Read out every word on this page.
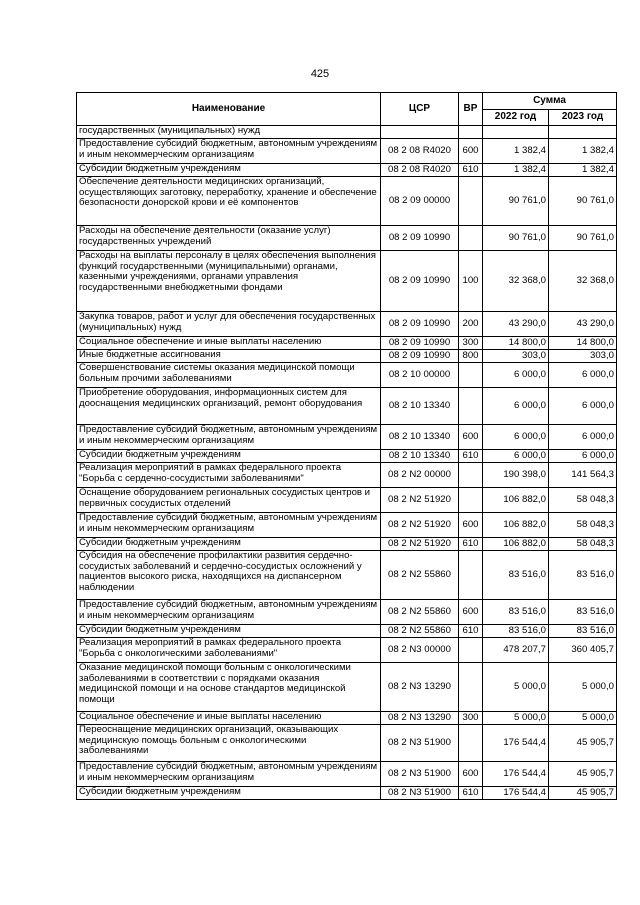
425
Наименование	ЦСР	ВР	Сумма	
			2022 год	2023 год
государственных (муниципальных) нужд				
Предоставление субсидий бюджетным, автономным учреждениям и иным некоммерческим организациям	08 2 08 R4020	600	1 382,4	1 382,4
Субсидии бюджетным учреждениям	08 2 08 R4020	610	1 382,4	1 382,4
Обеспечение деятельности медицинских организаций, осуществляющих заготовку, переработку, хранение и обеспечение безопасности донорской крови и её компонентов	08 2 09 00000		90 761,0	90 761,0
Расходы на обеспечение деятельности (оказание услуг) государственных учреждений	08 2 09 10990		90 761,0	90 761,0
Расходы на выплаты персоналу в целях обеспечения выполнения функций государственными (муниципальными) органами, казенными учреждениями, органами управления государственными внебюджетными фондами	08 2 09 10990	100	32 368,0	32 368,0
Закупка товаров, работ и услуг для обеспечения государственных (муниципальных) нужд	08 2 09 10990	200	43 290,0	43 290,0
Социальное обеспечение и иные выплаты населению	08 2 09 10990	300	14 800,0	14 800,0
Иные бюджетные ассигнования	08 2 09 10990	800	303,0	303,0
Совершенствование системы оказания медицинской помощи больным прочими заболеваниями	08 2 10 00000		6 000,0	6 000,0
Приобретение оборудования, информационных систем для дооснащения медицинских организаций, ремонт оборудования	08 2 10 13340		6 000,0	6 000,0
Предоставление субсидий бюджетным, автономным учреждениям и иным некоммерческим организациям	08 2 10 13340	600	6 000,0	6 000,0
Субсидии бюджетным учреждениям	08 2 10 13340	610	6 000,0	6 000,0
Реализация мероприятий в рамках федерального проекта "Борьба с сердечно-сосудистыми заболеваниями"	08 2 N2 00000		190 398,0	141 564,3
Оснащение оборудованием региональных сосудистых центров и первичных сосудистых отделений	08 2 N2 51920		106 882,0	58 048,3
Предоставление субсидий бюджетным, автономным учреждениям и иным некоммерческим организациям	08 2 N2 51920	600	106 882,0	58 048,3
Субсидии бюджетным учреждениям	08 2 N2 51920	610	106 882,0	58 048,3
Субсидия на обеспечение профилактики развития сердечно-сосудистых заболеваний и сердечно-сосудистых осложнений у пациентов высокого риска, находящихся на диспансерном наблюдении	08 2 N2 55860		83 516,0	83 516,0
Предоставление субсидий бюджетным, автономным учреждениям и иным некоммерческим организациям	08 2 N2 55860	600	83 516,0	83 516,0
Субсидии бюджетным учреждениям	08 2 N2 55860	610	83 516,0	83 516,0
Реализация мероприятий в рамках федерального проекта "Борьба с онкологическими заболеваниями"	08 2 N3 00000		478 207,7	360 405,7
Оказание медицинской помощи больным с онкологическими заболеваниями в соответствии с порядками оказания медицинской помощи и на основе стандартов медицинской помощи	08 2 N3 13290		5 000,0	5 000,0
Социальное обеспечение и иные выплаты населению	08 2 N3 13290	300	5 000,0	5 000,0
Переоснащение медицинских организаций, оказывающих медицинскую помощь больным с онкологическими заболеваниями	08 2 N3 51900		176 544,4	45 905,7
Предоставление субсидий бюджетным, автономным учреждениям и иным некоммерческим организациям	08 2 N3 51900	600	176 544,4	45 905,7
Субсидии бюджетным учреждениям	08 2 N3 51900	610	176 544,4	45 905,7
